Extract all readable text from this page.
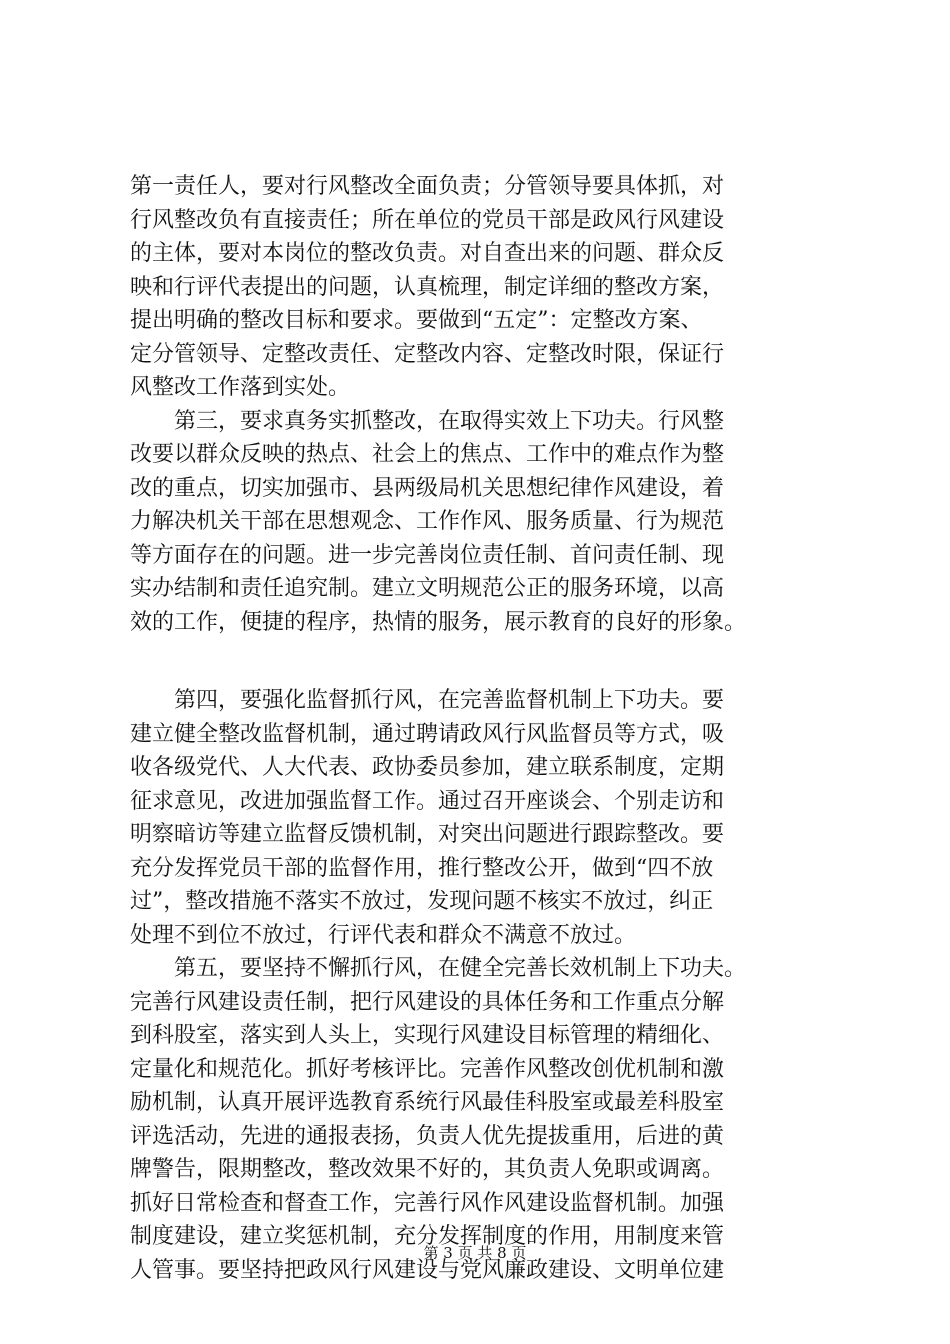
第一责任人，要对行风整改全面负责；分管领导要具体抓，对
行风整改负有直接责任；所在单位的党员干部是政风行风建设
的主体，要对本岗位的整改负责。对自查出来的问题、群众反
映和行评代表提出的问题，认真梳理，制定详细的整改方案，
提出明确的整改目标和要求。要做到“五定”：定整改方案、
定分管领导、定整改责任、定整改内容、定整改时限，保证行
风整改工作落到实处。
　　第三，要求真务实抓整改，在取得实效上下功夫。行风整
改要以群众反映的热点、社会上的焦点、工作中的难点作为整
改的重点，切实加强市、县两级局机关思想纪律作风建设，着
力解决机关干部在思想观念、工作作风、服务质量、行为规范
等方面存在的问题。进一步完善岗位责任制、首问责任制、现
实办结制和责任追究制。建立文明规范公正的服务环境，以高
效的工作，便捷的程序，热情的服务，展示教育的良好的形象。
　　第四，要强化监督抓行风，在完善监督机制上下功夫。要
建立健全整改监督机制，通过聘请政风行风监督员等方式，吸
收各级党代、人大代表、政协委员参加，建立联系制度，定期
征求意见，改进加强监督工作。通过召开座谈会、个别走访和
明察暗访等建立监督反馈机制，对突出问题进行跟踪整改。要
充分发挥党员干部的监督作用，推行整改公开，做到“四不放
过”，整改措施不落实不放过，发现问题不核实不放过，纠正
处理不到位不放过，行评代表和群众不满意不放过。
　　第五，要坚持不懈抓行风，在健全完善长效机制上下功夫。
完善行风建设责任制，把行风建设的具体任务和工作重点分解
到科股室，落实到人头上，实现行风建设目标管理的精细化、
定量化和规范化。抓好考核评比。完善作风整改创优机制和激
励机制，认真开展评选教育系统行风最佳科股室或最差科股室
评选活动，先进的通报表扬，负责人优先提拔重用，后进的黄
牌警告，限期整改，整改效果不好的，其负责人免职或调离。
抓好日常检查和督查工作，完善行风作风建设监督机制。加强
制度建设，建立奖惩机制，充分发挥制度的作用，用制度来管
人管事。要坚持把政风行风建设与党风廉政建设、文明单位建
第 3 页 共 8 页
